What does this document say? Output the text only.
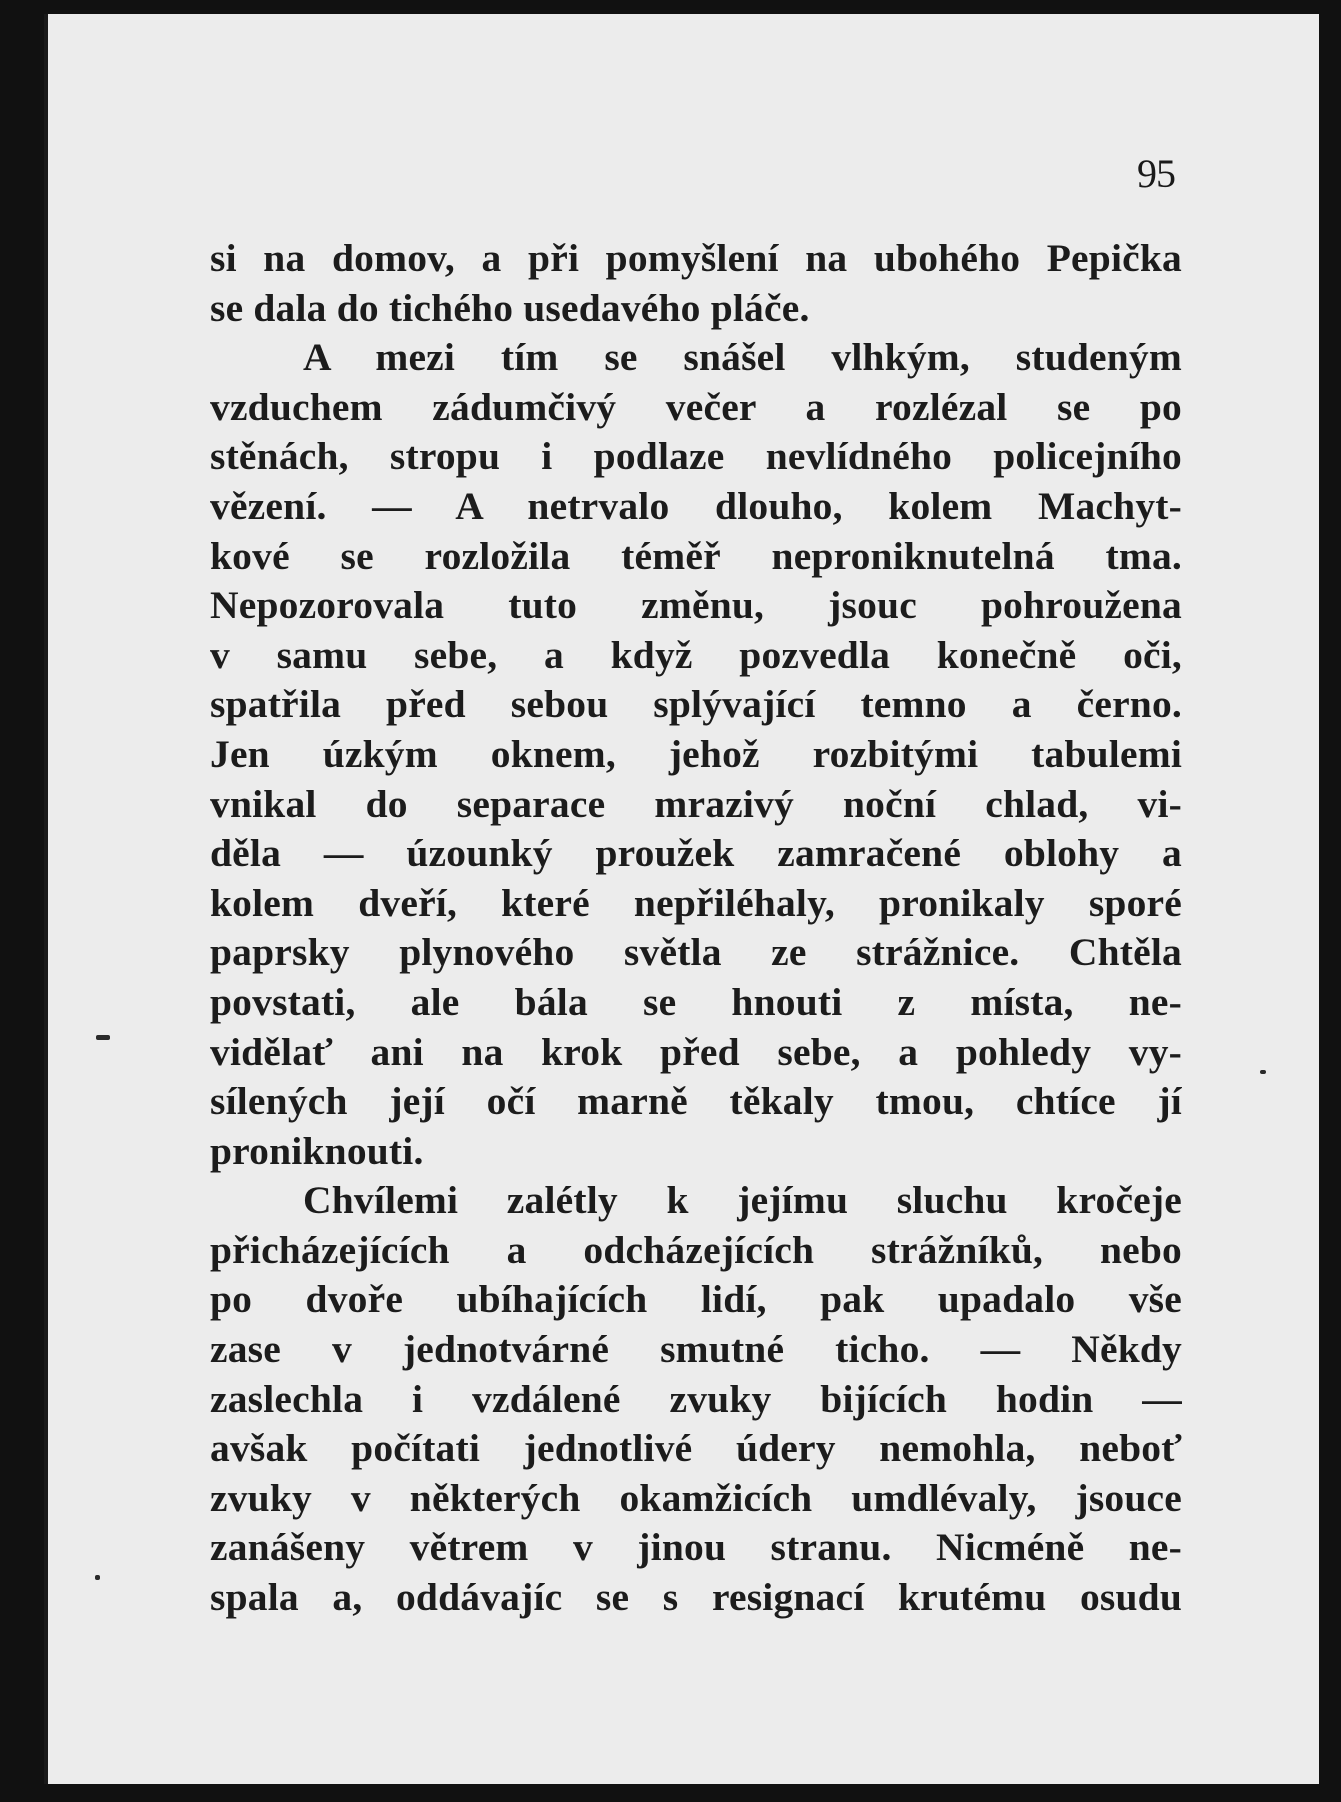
95
si na domov, a při pomyšlení na ubohého Pepička
se dala do tichého usedavého pláče.
A mezi tím se snášel vlhkým, studeným
vzduchem zádumčivý večer a rozlézal se po
stěnách, stropu i podlaze nevlídného policejního
vězení. — A netrvalo dlouho, kolem Machyt-
kové se rozložila téměř neproniknutelná tma.
Nepozorovala tuto změnu, jsouc pohroužena
v samu sebe, a když pozvedla konečně oči,
spatřila před sebou splývající temno a černo.
Jen úzkým oknem, jehož rozbitými tabulemi
vnikal do separace mrazivý noční chlad, vi-
děla — úzounký proužek zamračené oblohy a
kolem dveří, které nepřiléhaly, pronikaly sporé
paprsky plynového světla ze strážnice. Chtěla
povstati, ale bála se hnouti z místa, ne-
vidělať ani na krok před sebe, a pohledy vy-
sílených její očí marně těkaly tmou, chtíce jí
proniknouti.
Chvílemi zalétly k jejímu sluchu kročeje
přicházejících a odcházejících strážníků, nebo
po dvoře ubíhajících lidí, pak upadalo vše
zase v jednotvárné smutné ticho. — Někdy
zaslechla i vzdálené zvuky bijících hodin —
avšak počítati jednotlivé údery nemohla, neboť
zvuky v některých okamžicích umdlévaly, jsouce
zanášeny větrem v jinou stranu. Nicméně ne-
spala a, oddávajíc se s resignací krutému osudu
